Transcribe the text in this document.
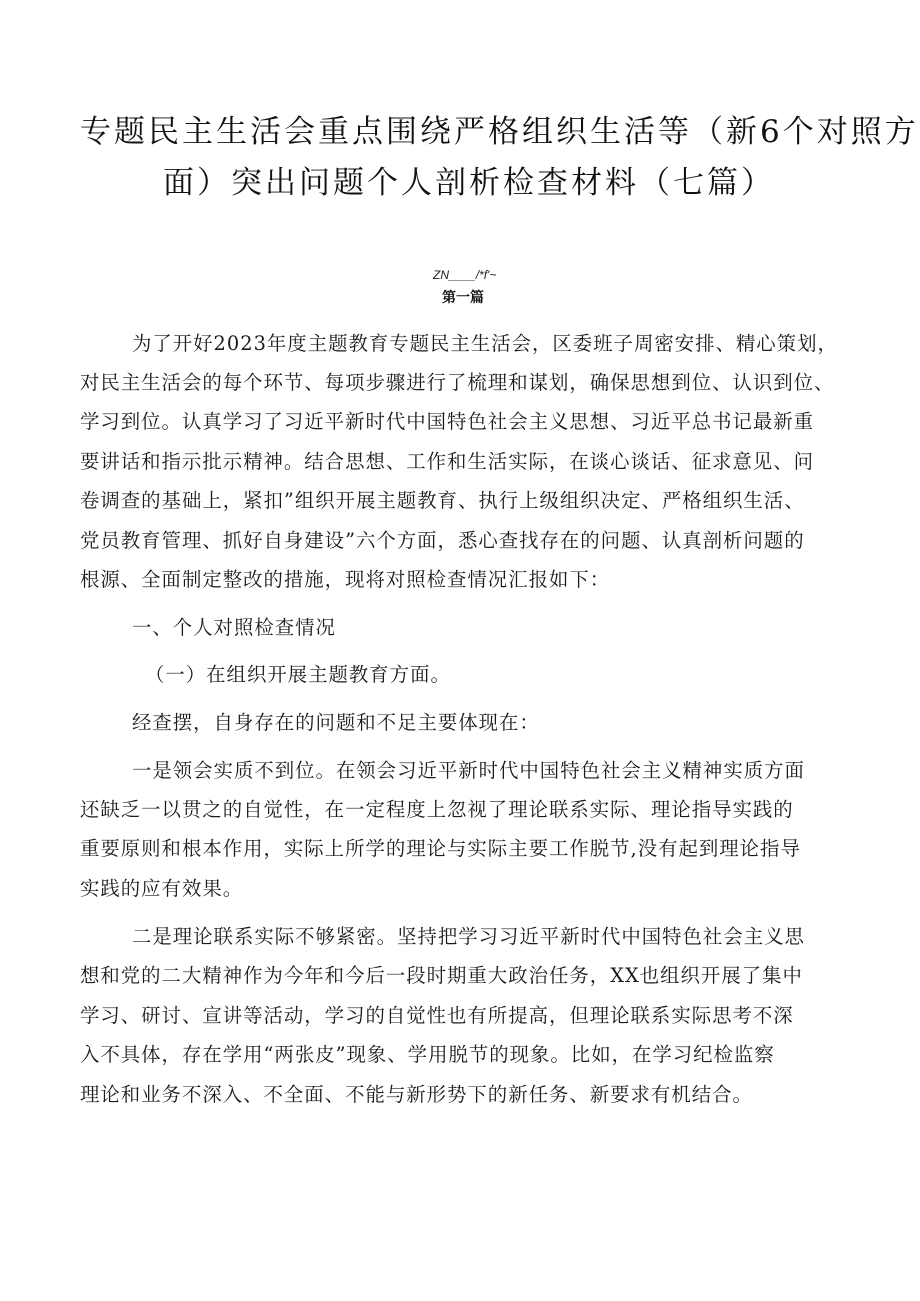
专题民主生活会重点围绕严格组织生活等（新6个对照方
面）突出问题个人剖析检查材料（七篇）
ZN____/*f'~
第一篇
为了开好2023年度主题教育专题民主生活会，区委班子周密安排、精心策划，
对民主生活会的每个环节、每项步骤进行了梳理和谋划，确保思想到位、认识到位、
学习到位。认真学习了习近平新时代中国特色社会主义思想、习近平总书记最新重
要讲话和指示批示精神。结合思想、工作和生活实际，在谈心谈话、征求意见、问
卷调查的基础上，紧扣”组织开展主题教育、执行上级组织决定、严格组织生活、
党员教育管理、抓好自身建设”六个方面，悉心查找存在的问题、认真剖析问题的
根源、全面制定整改的措施，现将对照检查情况汇报如下：
一、个人对照检查情况
（一）在组织开展主题教育方面。
经查摆，自身存在的问题和不足主要体现在：
一是领会实质不到位。在领会习近平新时代中国特色社会主义精神实质方面
还缺乏一以贯之的自觉性，在一定程度上忽视了理论联系实际、理论指导实践的
重要原则和根本作用，实际上所学的理论与实际主要工作脱节,没有起到理论指导
实践的应有效果。
二是理论联系实际不够紧密。坚持把学习习近平新时代中国特色社会主义思
想和党的二大精神作为今年和今后一段时期重大政治任务，XX也组织开展了集中
学习、研讨、宣讲等活动，学习的自觉性也有所提高，但理论联系实际思考不深
入不具体，存在学用“两张皮”现象、学用脱节的现象。比如，在学习纪检监察
理论和业务不深入、不全面、不能与新形势下的新任务、新要求有机结合。
